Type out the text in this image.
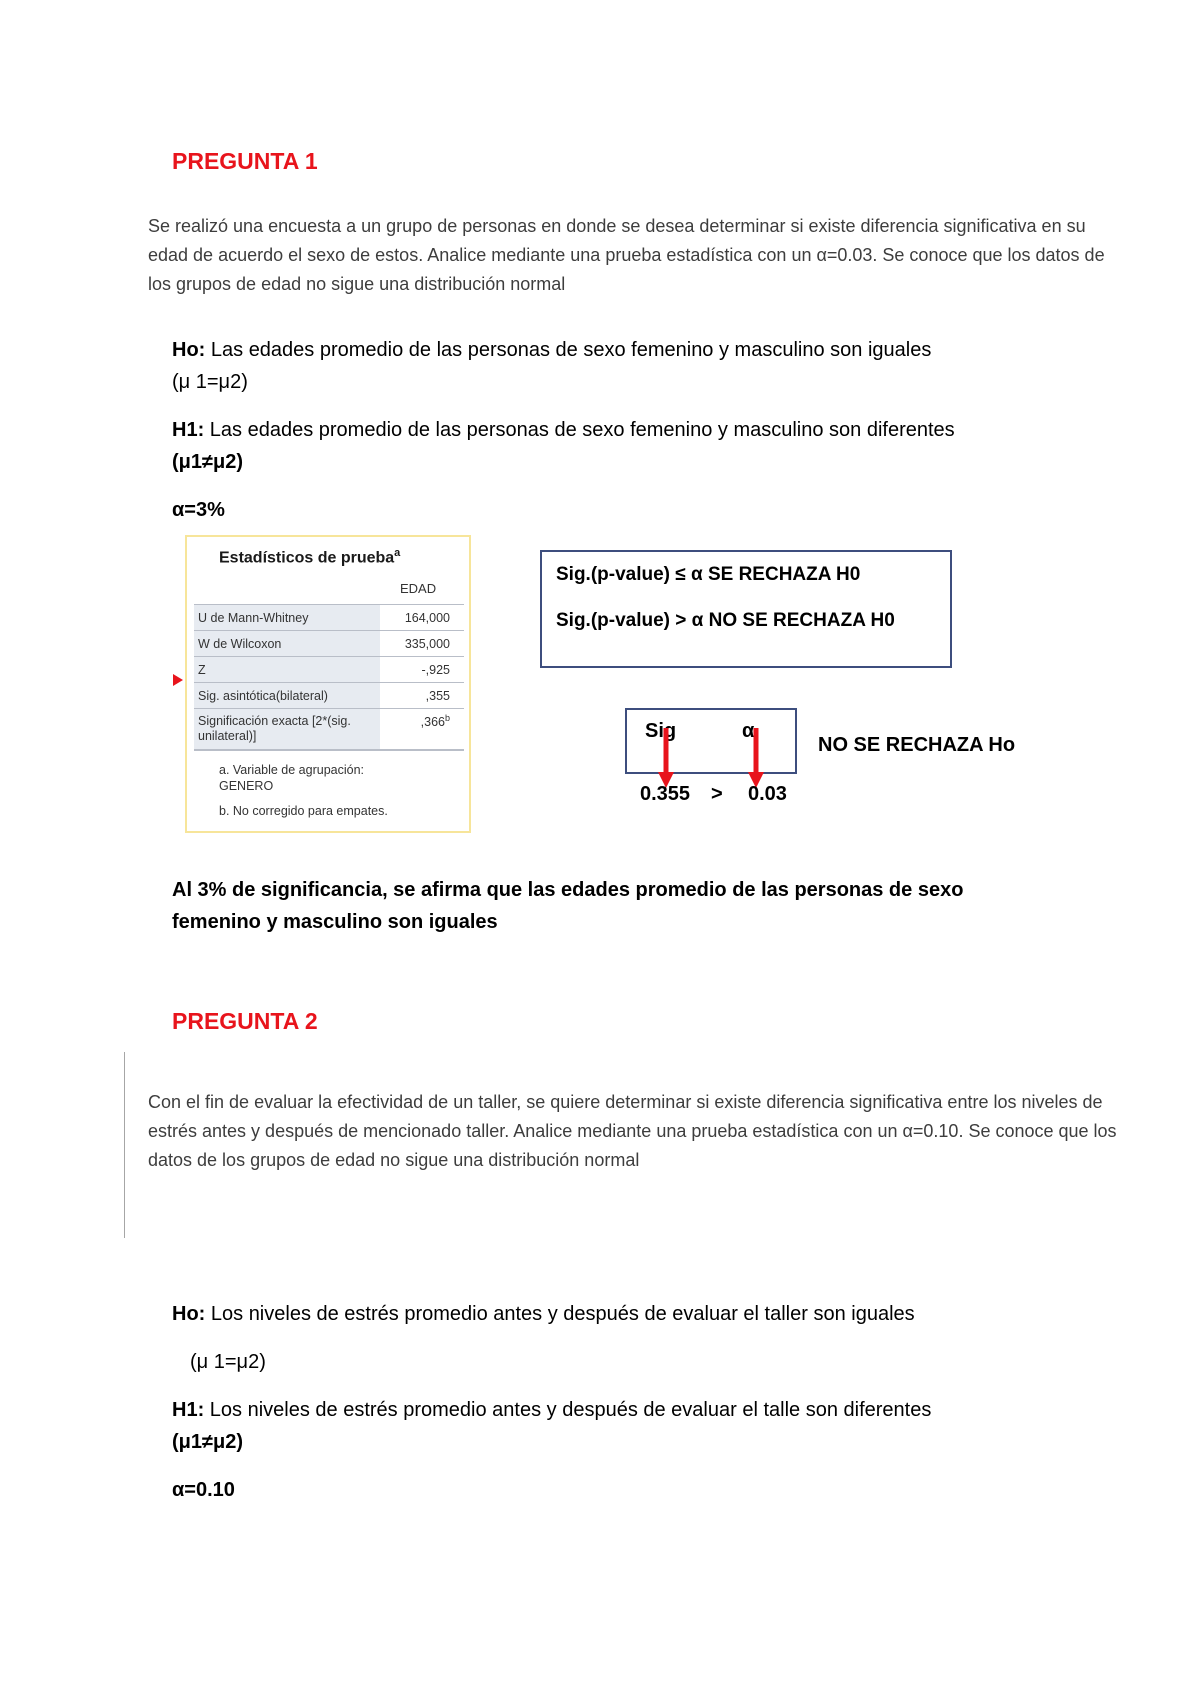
PREGUNTA 1
Se realizó una encuesta a un grupo de personas en donde se desea determinar si existe diferencia significativa en su edad de acuerdo el sexo de estos. Analice mediante una prueba estadística con un α=0.03. Se conoce que los datos de los grupos de edad no sigue una distribución normal
Ho: Las edades promedio de las personas de sexo femenino y masculino son iguales
(μ 1=μ2)
H1: Las edades promedio de las personas de sexo femenino y masculino son diferentes
(μ1≠μ2)
α=3%
Estadísticos de prueba$^a$
EDAD
U de Mann-Whitney	164,000
W de Wilcoxon	335,000
Z	-,925
Sig. asintótica(bilateral)	,355
Significación exacta [2*(sig. unilateral)]	,366$^b$
a. Variable de agrupación: GENERO
b. No corregido para empates.
Sig.(p-value) ≤ α SE RECHAZA H0
Sig.(p-value) > α NO SE RECHAZA H0
Sig	α
0.355 > 0.03
NO SE RECHAZA Ho
Al 3% de significancia, se afirma que las edades promedio de las personas de sexo femenino y masculino son iguales
PREGUNTA 2
Con el fin de evaluar la efectividad de un taller, se quiere determinar si existe diferencia significativa entre los niveles de estrés antes y después de mencionado taller. Analice mediante una prueba estadística con un α=0.10. Se conoce que los datos de los grupos de edad no sigue una distribución normal
Ho: Los niveles de estrés promedio antes y después de evaluar el taller son iguales
(μ 1=μ2)
H1: Los niveles de estrés promedio antes y después de evaluar el talle son diferentes
(μ1≠μ2)
α=0.10
